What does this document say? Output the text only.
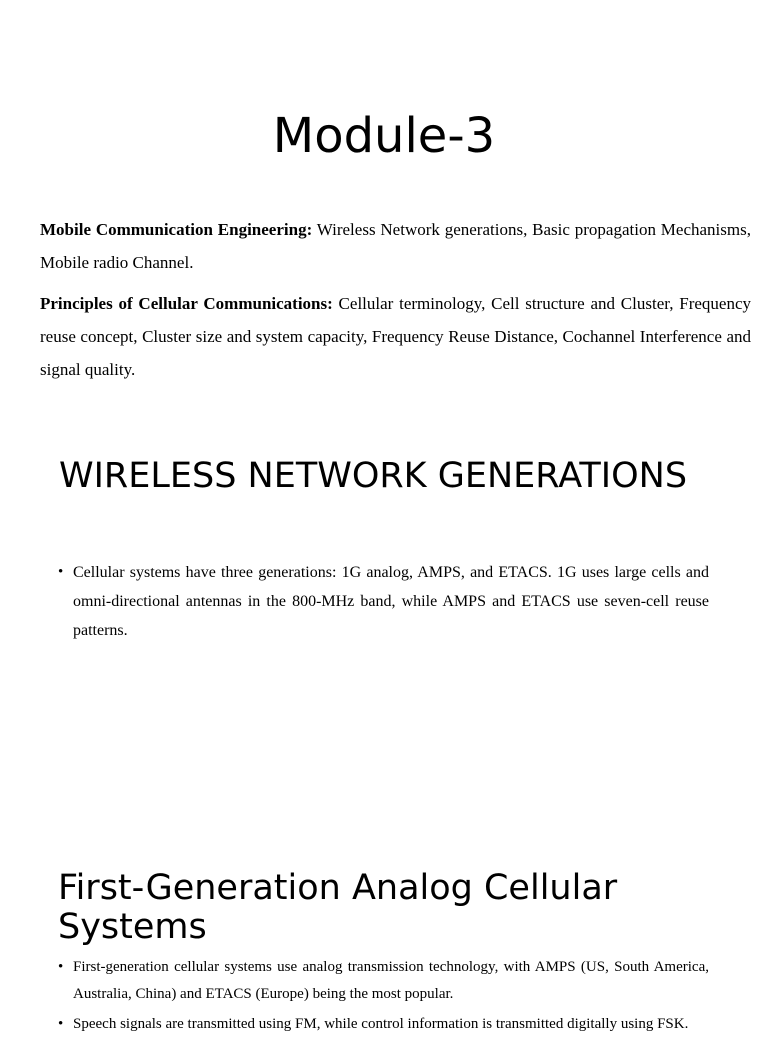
Module-3

Mobile Communication Engineering: Wireless Network generations, Basic propagation Mechanisms, Mobile radio Channel.

Principles of Cellular Communications: Cellular terminology, Cell structure and Cluster, Frequency reuse concept, Cluster size and system capacity, Frequency Reuse Distance, Cochannel Interference and signal quality.

WIRELESS NETWORK GENERATIONS
• Cellular systems have three generations: 1G analog, AMPS, and ETACS. 1G uses large cells and omni-directional antennas in the 800-MHz band, while AMPS and ETACS use seven-cell reuse patterns.
First-Generation Analog Cellular Systems
• First-generation cellular systems use analog transmission technology, with AMPS (US, South America, Australia, China) and ETACS (Europe) being the most popular.
• Speech signals are transmitted using FM, while control information is transmitted digitally using FSK.
